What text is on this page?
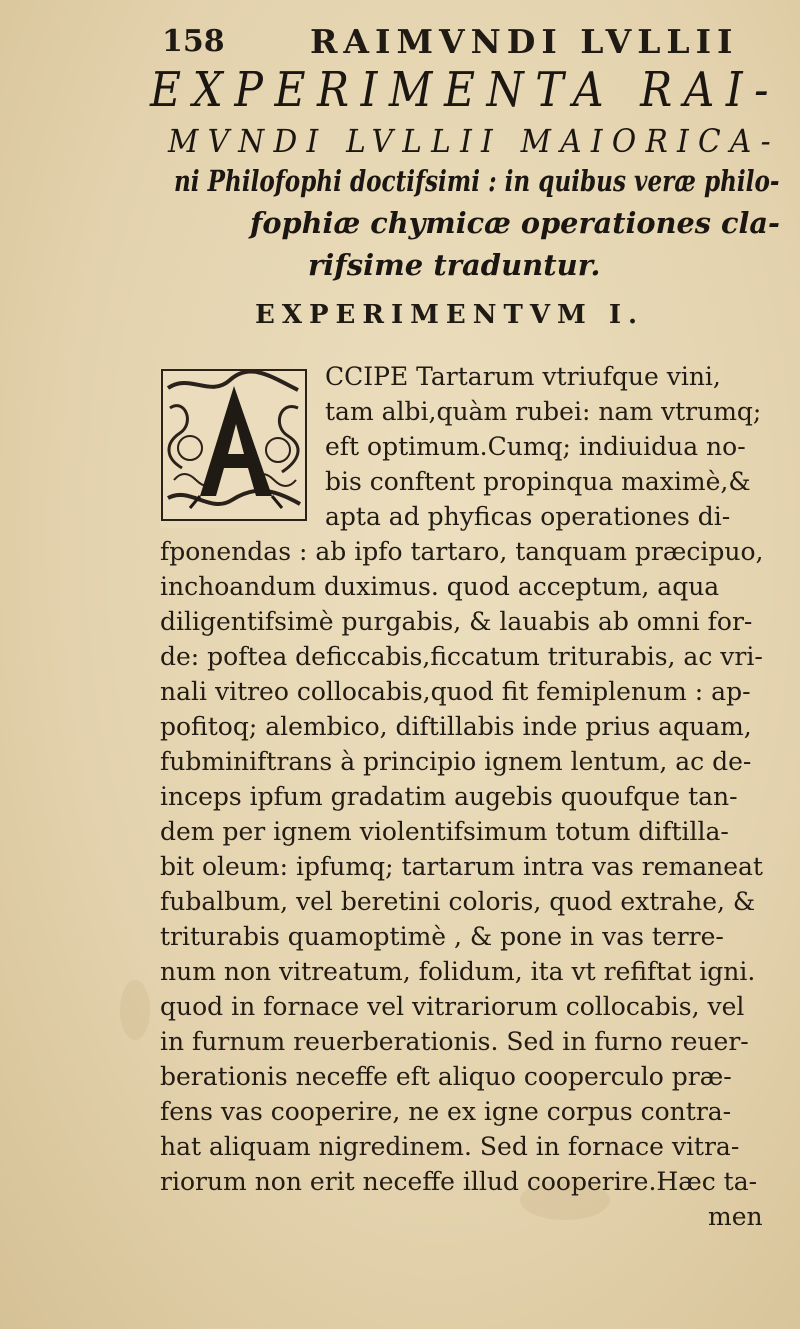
158	RAIMVNDI LVLLII
EXPERIMENTA RAI-
MVNDI LVLLII MAIORICA-
ni Philofophi doctifsimi : in quibus veræ philo-
fophiæ chymicæ operationes cla-
rifsime traduntur.
EXPERIMENTVM I.
CCIPE Tartarum vtriufque vini,
tam albi,quàm rubei: nam vtrumq;
eft optimum.Cumq; indiuidua no-
bis conftent propinqua maximè,&
apta ad phyficas operationes di-
fponendas : ab ipfo tartaro, tanquam præcipuo,
inchoandum duximus. quod acceptum, aqua
diligentifsimè purgabis, & lauabis ab omni for-
de: poftea deficcabis,ficcatum triturabis, ac vri-
nali vitreo collocabis,quod fit femiplenum : ap-
pofitoq; alembico, diftillabis inde prius aquam,
fubminiftrans à principio ignem lentum, ac de-
inceps ipfum gradatim augebis quoufque tan-
dem per ignem violentifsimum totum diftilla-
bit oleum: ipfumq; tartarum intra vas remaneat
fubalbum, vel beretini coloris, quod extrahe, &
triturabis quamoptimè , & pone in vas terre-
num non vitreatum, folidum, ita vt refiftat igni.
quod in fornace vel vitrariorum collocabis, vel
in furnum reuerberationis. Sed in furno reuer-
berationis neceffe eft aliquo cooperculo præ-
fens vas cooperire, ne ex igne corpus contra-
hat aliquam nigredinem. Sed in fornace vitra-
riorum non erit neceffe illud cooperire.Hæc ta-
men
